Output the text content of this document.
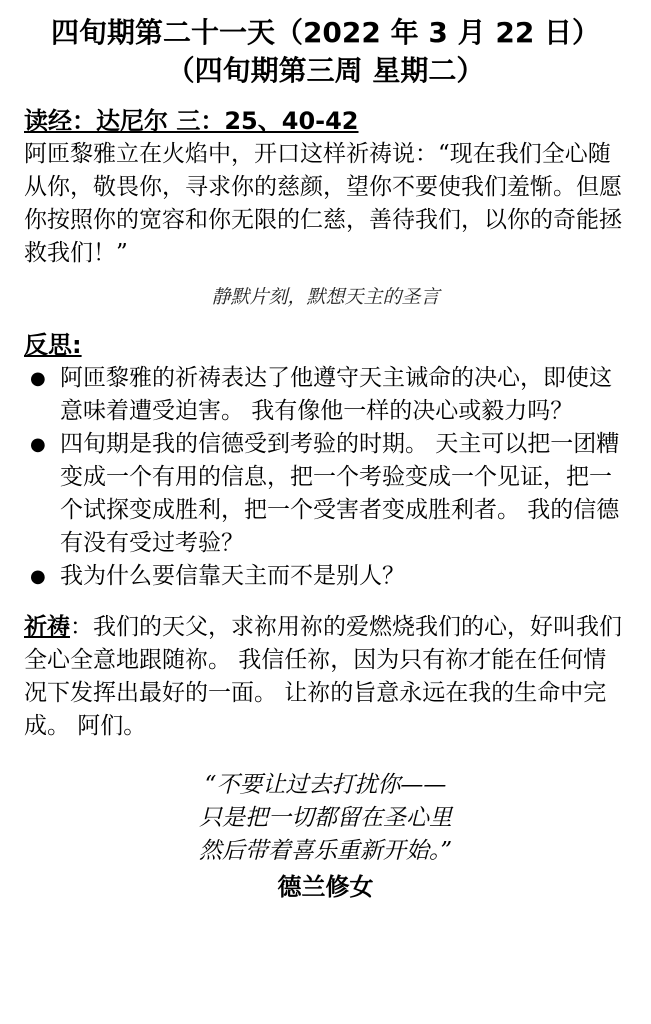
四旬期第二十一天（2022 年 3 月 22 日）
（四旬期第三周 星期二）
读经：达尼尔 三：25、40-42

阿匝黎雅立在火焰中，开口这样祈祷说：“现在我们全心随从你，敬畏你，寻求你的慈颜，望你不要使我们羞惭。但愿你按照你的宽容和你无限的仁慈，善待我们，以你的奇能拯救我们！”

静默片刻，默想天主的圣言

反思:
● 阿匝黎雅的祈祷表达了他遵守天主诫命的决心，即使这意味着遭受迫害。 我有像他一样的决心或毅力吗？
● 四旬期是我的信德受到考验的时期。 天主可以把一团糟变成一个有用的信息，把一个考验变成一个见证，把一个试探变成胜利，把一个受害者变成胜利者。 我的信德有没有受过考验？
● 我为什么要信靠天主而不是别人？
祈祷：我们的天父，求祢用祢的爱燃烧我们的心，好叫我们全心全意地跟随祢。 我信任祢，因为只有祢才能在任何情况下发挥出最好的一面。 让祢的旨意永远在我的生命中完成。 阿们。
“不要让过去打扰你——
只是把一切都留在圣心里
然后带着喜乐重新开始。”
德兰修女
